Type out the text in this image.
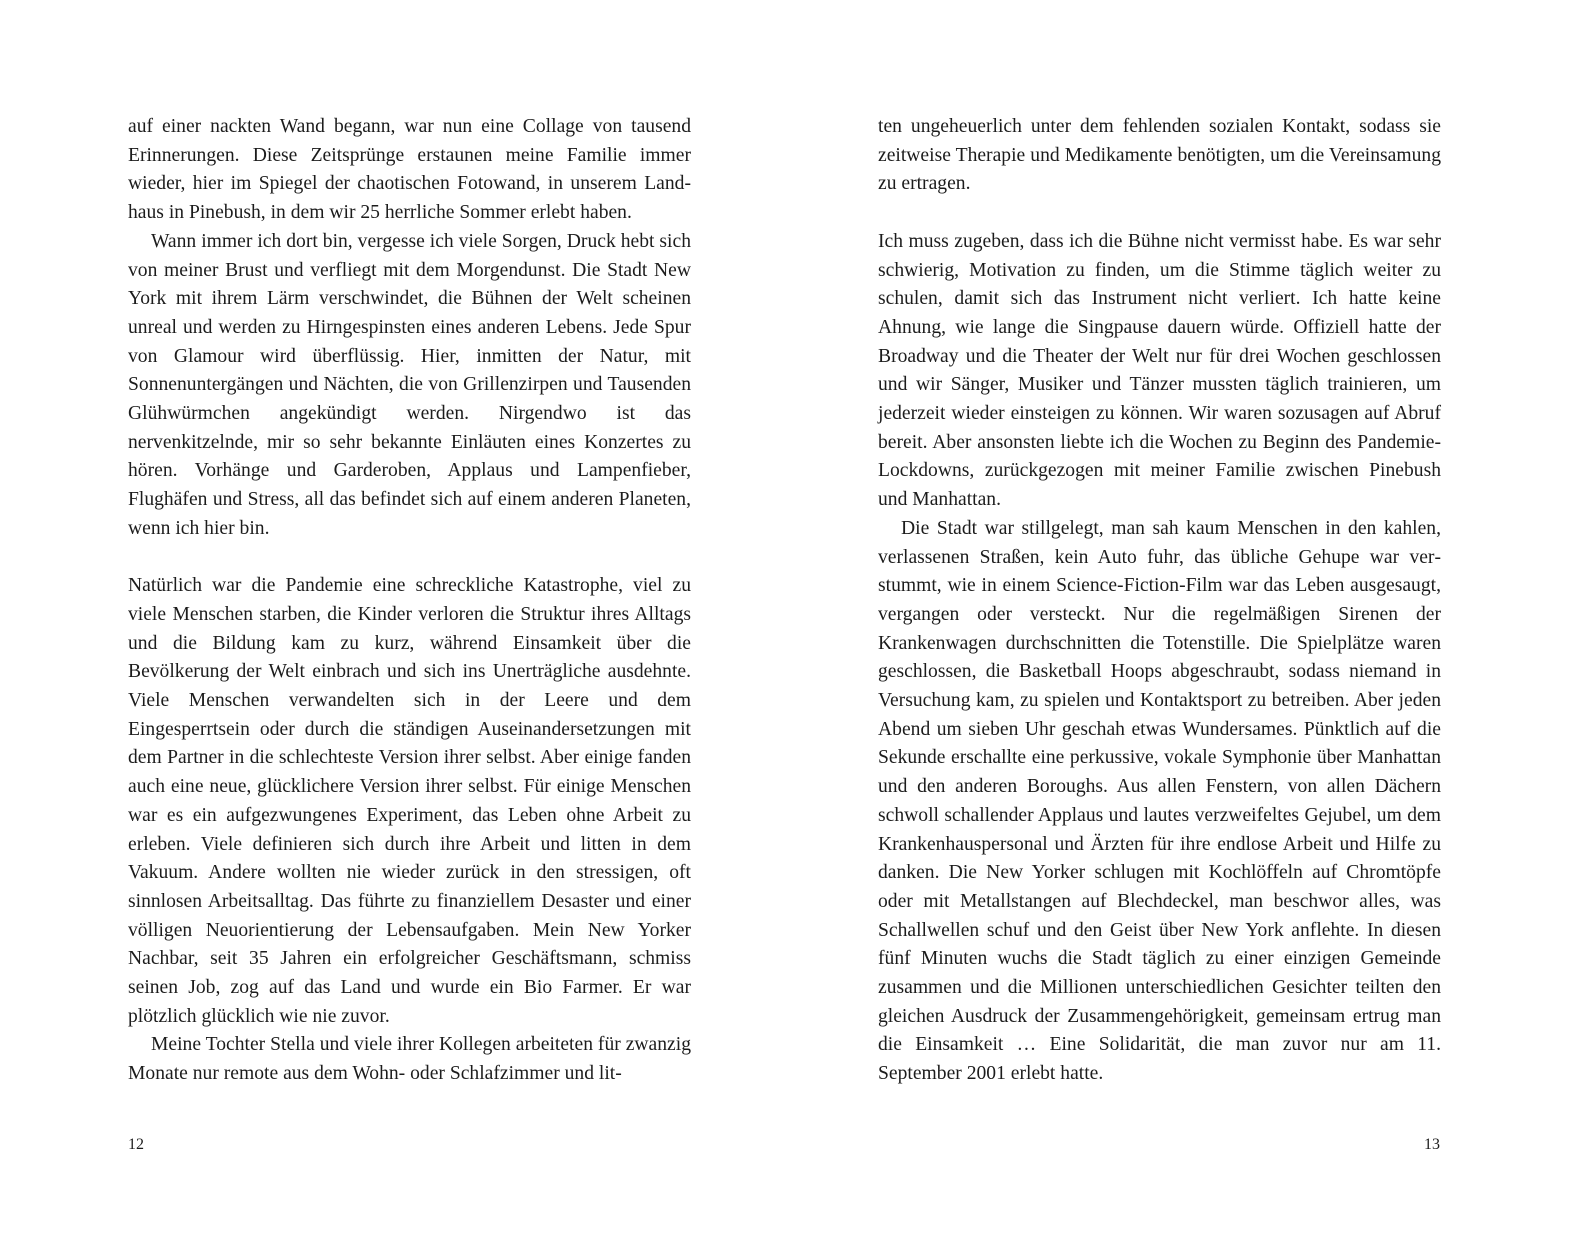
auf einer nackten Wand begann, war nun eine Collage von tausend Erinnerungen. Diese Zeitsprünge erstaunen meine Familie immer wieder, hier im Spiegel der chaotischen Fotowand, in unserem Landhaus in Pinebush, in dem wir 25 herrliche Sommer erlebt haben.

Wann immer ich dort bin, vergesse ich viele Sorgen, Druck hebt sich von meiner Brust und verfliegt mit dem Morgendunst. Die Stadt New York mit ihrem Lärm verschwindet, die Bühnen der Welt scheinen unreal und werden zu Hirngespinsten eines anderen Lebens. Jede Spur von Glamour wird überflüssig. Hier, inmitten der Natur, mit Sonnenuntergängen und Nächten, die von Grillenzirpen und Tausenden Glühwürmchen angekündigt werden. Nirgendwo ist das nervenkitzelnde, mir so sehr bekannte Einläuten eines Konzertes zu hören. Vorhänge und Garderoben, Applaus und Lampenfieber, Flughäfen und Stress, all das befindet sich auf einem anderen Planeten, wenn ich hier bin.

Natürlich war die Pandemie eine schreckliche Katastrophe, viel zu viele Menschen starben, die Kinder verloren die Struktur ihres Alltags und die Bildung kam zu kurz, während Einsamkeit über die Bevölkerung der Welt einbrach und sich ins Unerträgliche ausdehnte. Viele Menschen verwandelten sich in der Leere und dem Eingesperrtsein oder durch die ständigen Auseinandersetzungen mit dem Partner in die schlechteste Version ihrer selbst. Aber einige fanden auch eine neue, glücklichere Version ihrer selbst. Für einige Menschen war es ein aufgezwungenes Experiment, das Leben ohne Arbeit zu erleben. Viele definieren sich durch ihre Arbeit und litten in dem Vakuum. Andere wollten nie wieder zurück in den stressigen, oft sinnlosen Arbeitsalltag. Das führte zu finanziellem Desaster und einer völligen Neuorientierung der Lebensaufgaben. Mein New Yorker Nachbar, seit 35 Jahren ein erfolgreicher Geschäftsmann, schmiss seinen Job, zog auf das Land und wurde ein Bio Farmer. Er war plötzlich glücklich wie nie zuvor.

Meine Tochter Stella und viele ihrer Kollegen arbeiteten für zwanzig Monate nur remote aus dem Wohn- oder Schlafzimmer und lit-

ten ungeheuerlich unter dem fehlenden sozialen Kontakt, sodass sie zeitweise Therapie und Medikamente benötigten, um die Vereinsamung zu ertragen.

Ich muss zugeben, dass ich die Bühne nicht vermisst habe. Es war sehr schwierig, Motivation zu finden, um die Stimme täglich weiter zu schulen, damit sich das Instrument nicht verliert. Ich hatte keine Ahnung, wie lange die Singpause dauern würde. Offiziell hatte der Broadway und die Theater der Welt nur für drei Wochen geschlossen und wir Sänger, Musiker und Tänzer mussten täglich trainieren, um jederzeit wieder einsteigen zu können. Wir waren sozusagen auf Abruf bereit. Aber ansonsten liebte ich die Wochen zu Beginn des Pandemie-Lockdowns, zurückgezogen mit meiner Familie zwischen Pinebush und Manhattan.

Die Stadt war stillgelegt, man sah kaum Menschen in den kahlen, verlassenen Straßen, kein Auto fuhr, das übliche Gehupe war verstummt, wie in einem Science-Fiction-Film war das Leben ausgesaugt, vergangen oder versteckt. Nur die regelmäßigen Sirenen der Krankenwagen durchschnitten die Totenstille. Die Spielplätze waren geschlossen, die Basketball Hoops abgeschraubt, sodass niemand in Versuchung kam, zu spielen und Kontaktsport zu betreiben. Aber jeden Abend um sieben Uhr geschah etwas Wundersames. Pünktlich auf die Sekunde erschallte eine perkussive, vokale Symphonie über Manhattan und den anderen Boroughs. Aus allen Fenstern, von allen Dächern schwoll schallender Applaus und lautes verzweifeltes Gejubel, um dem Krankenhauspersonal und Ärzten für ihre endlose Arbeit und Hilfe zu danken. Die New Yorker schlugen mit Kochlöffeln auf Chromtöpfe oder mit Metallstangen auf Blechdeckel, man beschwor alles, was Schallwellen schuf und den Geist über New York anflehte. In diesen fünf Minuten wuchs die Stadt täglich zu einer einzigen Gemeinde zusammen und die Millionen unterschiedlichen Gesichter teilten den gleichen Ausdruck der Zusammengehörigkeit, gemeinsam ertrug man die Einsamkeit … Eine Solidarität, die man zuvor nur am 11. September 2001 erlebt hatte.

12	13
